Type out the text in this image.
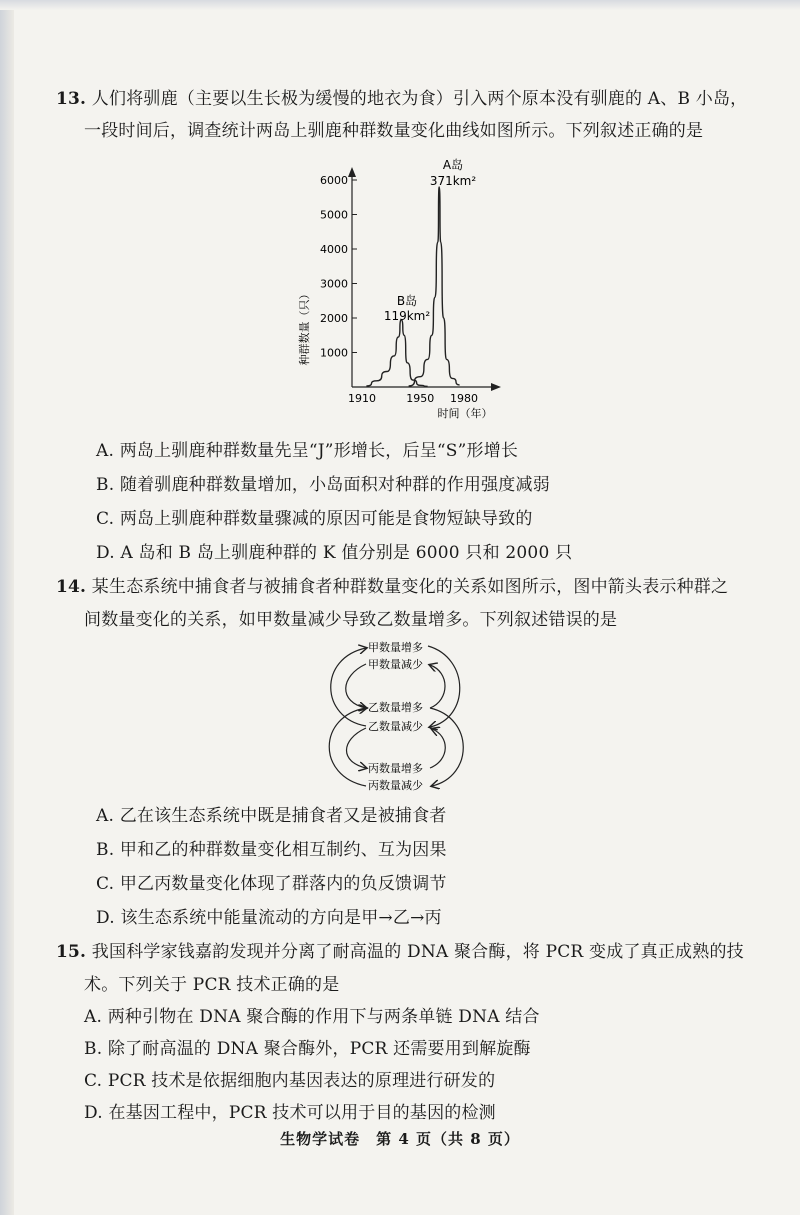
13. 人们将驯鹿（主要以生长极为缓慢的地衣为食）引入两个原本没有驯鹿的 A、B 小岛，
一段时间后，调查统计两岛上驯鹿种群数量变化曲线如图所示。下列叙述正确的是
种群数量（只） 1000
2000
3000
4000
5000
6000
1910	1950 1980
B岛
119km²
A岛
371km²
时间（年）
A. 两岛上驯鹿种群数量先呈“J”形增长，后呈“S”形增长
B. 随着驯鹿种群数量增加，小岛面积对种群的作用强度减弱
C. 两岛上驯鹿种群数量骤减的原因可能是食物短缺导致的
D. A 岛和 B 岛上驯鹿种群的 K 值分别是 6000 只和 2000 只
14. 某生态系统中捕食者与被捕食者种群数量变化的关系如图所示，图中箭头表示种群之
间数量变化的关系，如甲数量减少导致乙数量增多。下列叙述错误的是
甲数量增多
甲数量减少
乙数量增多
乙数量减少
丙数量增多
丙数量减少
A. 乙在该生态系统中既是捕食者又是被捕食者
B. 甲和乙的种群数量变化相互制约、互为因果
C. 甲乙丙数量变化体现了群落内的负反馈调节
D. 该生态系统中能量流动的方向是甲→乙→丙
15. 我国科学家钱嘉韵发现并分离了耐高温的 DNA 聚合酶，将 PCR 变成了真正成熟的技
术。下列关于 PCR 技术正确的是
A. 两种引物在 DNA 聚合酶的作用下与两条单链 DNA 结合
B. 除了耐高温的 DNA 聚合酶外，PCR 还需要用到解旋酶
C. PCR 技术是依据细胞内基因表达的原理进行研发的
D. 在基因工程中，PCR 技术可以用于目的基因的检测
生物学试卷　第 4 页（共 8 页）
